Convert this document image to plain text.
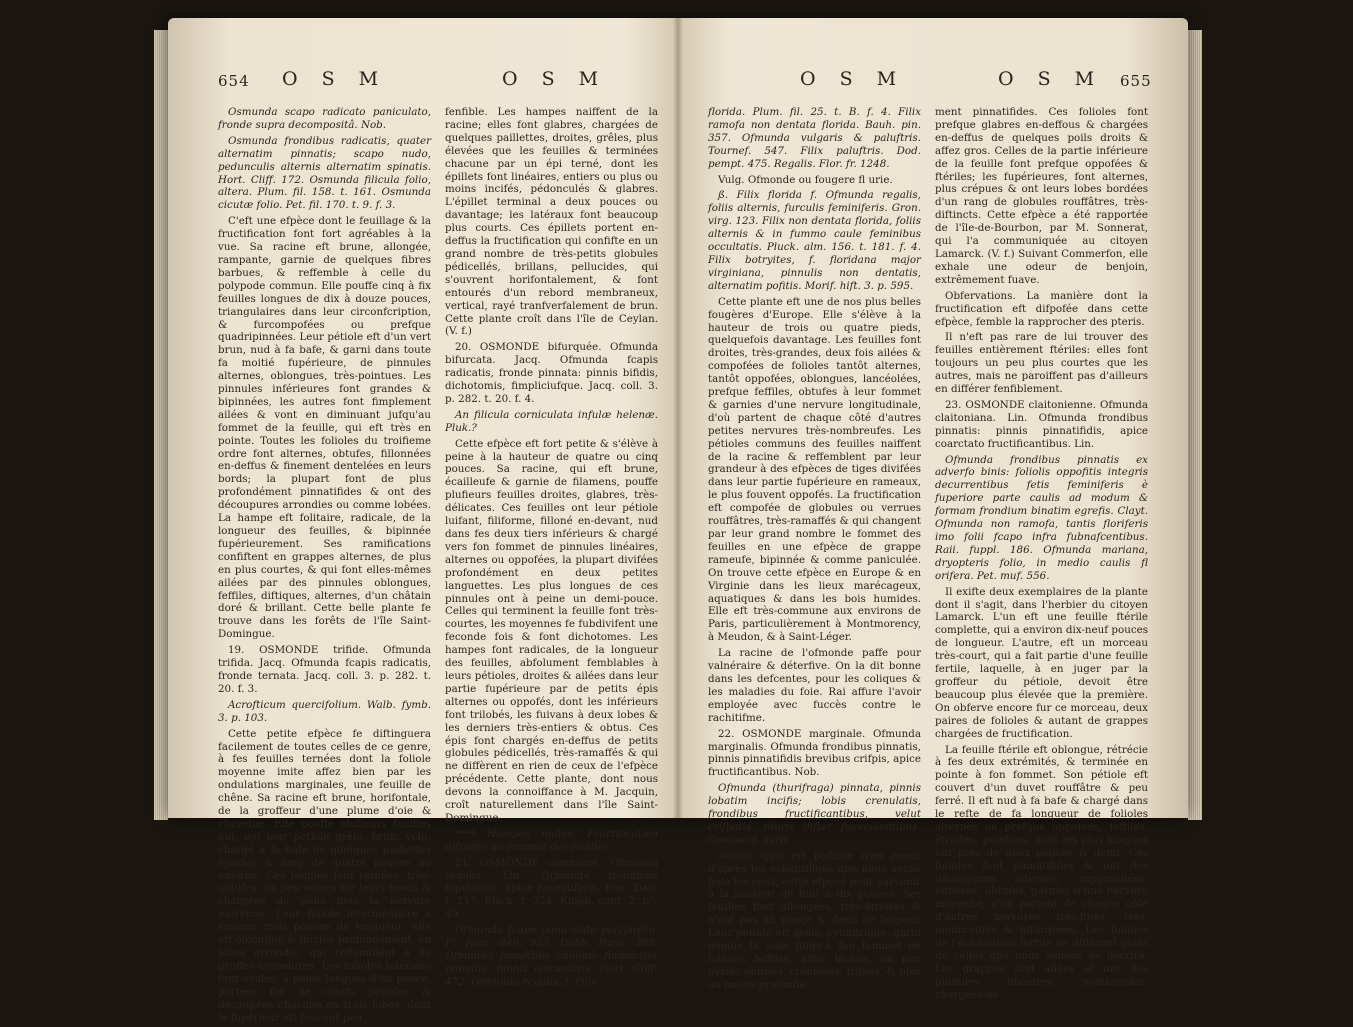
654 O S M	O S M

Osmunda scapo radicato paniculato, fronde supra decompositâ. Nob.

Osmunda frondibus radicatis, quater alternatim pinnatis; scapo nudo, pedunculis alternis alternatim spinatis. Hort. Cliff. 172. Osmunda filicula folio, altera. Plum. fil. 158. t. 161. Osmunda cicutæ folio. Pet. fil. 170. t. 9. f. 3.

C'eft une efpèce dont le feuillage & la fructification font fort agréables à la vue. Sa racine eft brune, allongée, rampante, garnie de quelques fibres barbues, & reffemble à celle du polypode commun. Elle pouffe cinq à fix feuilles longues de dix à douze pouces, triangulaires dans leur circonfcription, & furcompofées ou prefque quadripinnées. Leur pétiole eft d'un vert brun, nud à fa bafe, & garni dans toute fa moitié fupérieure, de pinnules alternes, oblongues, très-pointues. Les pinnules inférieures font grandes & bipinnées, les autres font fimplement ailées & vont en diminuant jufqu'au fommet de la feuille, qui eft très en pointe. Toutes les folioles du troifieme ordre font alternes, obtufes, fillonnées en-deffus & finement dentelées en leurs bords; la plupart font de plus profondément pinnatifides & ont des découpures arrondies ou comme lobées. La hampe eft folitaire, radicale, de la longueur des feuilles, & bipinnée fupérieurement. Ses ramifications confiftent en grappes alternes, de plus en plus courtes, & qui font elles-mêmes ailées par des pinnules oblongues, feffiles, diftiques, alternes, d'un châtain doré & brillant. Cette belle plante fe trouve dans les forêts de l'île Saint-Domingue.

19. OSMONDE trifide. Ofmunda trifida. Jacq. Ofmunda fcapis radicatis, fronde ternata. Jacq. coll. 3. p. 282. t. 20. f. 3.

Acrofticum quercifolium. Walb. fymb. 3. p. 103.

Cette petite efpèce fe diftinguera facilement de toutes celles de ce genre, à fes feuilles ternées dont la foliole moyenne imite affez bien par les ondulations marginales, une feuille de chêne. Sa racine eft brune, horifontale, de la groffeur d'une plume d'oie & chevelue. Elle pouffe plufieurs feuilles qui, out leur pétiole grêle, brun, velu, chargé à fa bafe de quelques paillettes éparfes & long de quatre pouces ou environ. Ces feuilles font ternées, très-obtufes, un peu velues fur leurs bords & chargées de poils fous la nervure moyenne. Leur foliole intermédiaire a environ trois pouces de longueur; elle eft oblongue & incifée profondément, en lobes arrondis, qui reffemblent à de groffes crénelures. Les folioles latérales font ovales, à peine longues d'un pouce, portées fur de courts pétioles & découpées chacune en trois lobes, dont le fupérieur eft fouvent peu

fenfible. Les hampes naiffent de la racine; elles font glabres, chargées de quelques paillettes, droites, grêles, plus élevées que les feuilles & terminées chacune par un épi terné, dont les épillets font linéaires, entiers ou plus ou moins incifés, pédonculés & glabres. L'épillet terminal a deux pouces ou davantage; les latéraux font beaucoup plus courts. Ces épillets portent en-deffus la fructification qui confifte en un grand nombre de très-petits globules pédicellés, brillans, pellucides, qui s'ouvrent horifontalement, & font entourés d'un rebord membraneux, vertical, rayé tranfverfalement de brun. Cette plante croît dans l'île de Ceylan. (V. f.)

20. OSMONDE bifurquée. Ofmunda bifurcata. Jacq. Ofmunda fcapis radicatis, fronde pinnata: pinnis bifidis, dichotomis, fimpliciufque. Jacq. coll. 3. p. 282. t. 20. f. 4.

An filicula corniculata infulæ helenæ. Pluk.?

Cette efpèce eft fort petite & s'élève à peine à la hauteur de quatre ou cinq pouces. Sa racine, qui eft brune, écailleufe & garnie de filamens, pouffe plufieurs feuilles droites, glabres, très-délicates. Ces feuilles ont leur pétiole luifant, filiforme, filloné en-devant, nud dans fes deux tiers inférieurs & chargé vers fon fommet de pinnules linéaires, alternes ou oppofées, la plupart divifées profondément en deux petites languettes. Les plus longues de ces pinnules ont à peine un demi-pouce. Celles qui terminent la feuille font très-courtes, les moyennes fe fubdivifent une feconde fois & font dichotomes. Les hampes font radicales, de la longueur des feuilles, abfolument femblables à leurs pétioles, droites & ailées dans leur partie fupérieure par de petits épis alternes ou oppofés, dont les inférieurs font trilobés, les fuivans à deux lobes & les derniers très-entiers & obtus. Ces épis font chargés en-deffus de petits globules pédicellés, très-ramaffés & qui ne diffèrent en rien de ceux de l'efpèce précédente. Cette plante, dont nous devons la connoiffance à M. Jacquin, croît naturellement dans l'île Saint-Domingue.

**** Hampes nulles. Fructification difpofée au fommet des feuilles.

21. OSMONDE commune. Ofmunda regalis. Lin. Ofmunda frondibus bipinnatis, apice racemiferis. Flor. Dan. t. 217. Black. t. 324. Kniph. cent. 2. n°. 49.

Ofmunda fcapo paniculato polyphyllo. Fl. fuec. 840, 953. Dalib. Paris. 308. Ofmunda frondibus caulinis fimpliciter pinnatis: pinnis lanceolatis. Hort. Cliff. 472. Ofmunda regalis, f. Filix

O S M	O S M 655

florida. Plum. fil. 25. t. B. f. 4. Filix ramofa non dentata florida. Bauh. pin. 357. Ofmunda vulgaris & paluftris. Tournef. 547. Filix paluftris. Dod. pempt. 475. Regalis. Flor. fr. 1248.

Vulg. Ofmonde ou fougere fl urie.

ß. Filix florida f. Ofmunda regalis, foliis alternis, furculis feminiferis. Gron. virg. 123. Filix non dentata florida, foliis alternis & in fummo caule feminibus occultatis. Pluck. alm. 156. t. 181. f. 4. Filix botryites, f. floridana major virginiana, pinnulis non dentatis, alternatim pofitis. Morif. hift. 3. p. 595.

Cette plante eft une de nos plus belles fougères d'Europe. Elle s'élève à la hauteur de trois ou quatre pieds, quelquefois davantage. Les feuilles font droites, très-grandes, deux fois ailées & compofées de folioles tantôt alternes, tantôt oppofées, oblongues, lancéolées, prefque feffiles, obtufes à leur fommet & garnies d'une nervure longitudinale, d'où partent de chaque côté d'autres petites nervures très-nombreufes. Les pétioles communs des feuilles naiffent de la racine & reffemblent par leur grandeur à des efpèces de tiges divifées dans leur partie fupérieure en rameaux, le plus fouvent oppofés. La fructification eft compofée de globules ou verrues rouffâtres, très-ramaffés & qui changent par leur grand nombre le fommet des feuilles en une efpèce de grappe rameufe, bipinnée & comme paniculée. On trouve cette efpèce en Europe & en Virginie dans les lieux marécageux, aquatiques & dans les bois humides. Elle eft très-commune aux environs de Paris, particulièrement à Montmorency, à Meudon, & à Saint-Léger.

La racine de l'ofmonde paffe pour valnéraire & déterfive. On la dit bonne dans les defcentes, pour les coliques & les maladies du foie. Rai affure l'avoir employée avec fuccès contre le rachitifme.

22. OSMONDE marginale. Ofmunda marginalis. Ofmunda frondibus pinnatis, pinnis pinnatifidis brevibus crifpis, apice fructificantibus. Nob.

Ofmunda (thurifraga) pinnata, pinnis lobatim incifis; lobis crenulatis, frondibus fructificantibus, velut crifpatis, thuris inftar fuaveolentibus. Commerf. herb.

Autant qu'il eft poffible d'en juger, d'après les échantillons que nous avons fous les yeux, cette efpèce peut parvenir à la hauteur de huit à dix pouces. Ses feuilles font allongées, très-étroites & n'ont pas un pouce & demi de largeur. Leur pétiole eft grêle, cylindrique, garni depuis fa bafe jufqu'à fon fommet de folioles feffiles, affez lâches, un peu ovales obtufes, crénelées, frifées, & plus ou moins profondé-

ment pinnatifides. Ces folioles font prefque glabres en-deffous & chargées en-deffus de quelques poils droits & affez gros. Celles de la partie inférieure de la feuille font prefque oppofées & ftériles; les fupérieures, font alternes, plus crépues & ont leurs lobes bordées d'un rang de globules rouffâtres, très-diftincts. Cette efpèce a été rapportée de l'île-de-Bourbon, par M. Sonnerat, qui l'a communiquée au citoyen Lamarck. (V. f.) Suivant Commerfon, elle exhale une odeur de benjoin, extrêmement fuave.

Obfervations. La manière dont la fructification eft difpofée dans cette efpèce, femble la rapprocher des pteris.

Il n'eft pas rare de lui trouver des feuilles entièrement ftériles: elles font toujours un peu plus courtes que les autres, mais ne paroiffent pas d'ailleurs en différer fenfiblement.

23. OSMONDE claitonienne. Ofmunda claitoniana. Lin. Ofmunda frondibus pinnatis: pinnis pinnatifidis, apice coarctato fructificantibus. Lin.

Ofmunda frondibus pinnatis ex adverfo binis: foliolis oppofitis integris decurrentibus fetis feminiferis è fuperiore parte caulis ad modum & formam frondium binatim egrefis. Clayt. Ofmunda non ramofa, tantis floriferis imo folii fcapo infra fubnafcentibus. Raii. fuppl. 186. Ofmunda mariana, dryopteris folio, in medio caulis fl orifera. Pet. muf. 556.

Il exifte deux exemplaires de la plante dont il s'agit, dans l'herbier du citoyen Lamarck. L'un eft une feuille ftérile complette, qui a environ dix-neuf pouces de longueur. L'autre, eft un morceau très-court, qui a fait partie d'une feuille fertile, laquelle, à en juger par la groffeur du pétiole, devoit être beaucoup plus élevée que la première. On obferve encore fur ce morceau, deux paires de folioles & autant de grappes chargées de fructification.

La feuille ftérile eft oblongue, rétrécie à fes deux extrémités, & terminée en pointe à fon fommet. Son pétiole eft couvert d'un duvet rouffâtre & peu ferré. Il eft nud à fa bafe & chargé dans le refte de fa longueur de folioles alternes ou prefque oppofées, feffiles, étroites, pointues, dont les plus longues ont près de deux pouces & demi. Ces folioles font pinnatifides & ont des découpures alternes, rapprochées, entières, obtufes, garnies d'une nervure moyenne, d'où partent de chaque côté d'autres nervures très-fines, très-nombreufes & bifurquées. Les folioles de l'échantillon fertile ne différent point de celles que nous venons de décrire. Les grappes font ailées et ont des pinnules linéaires, nombreufes, chargées de
